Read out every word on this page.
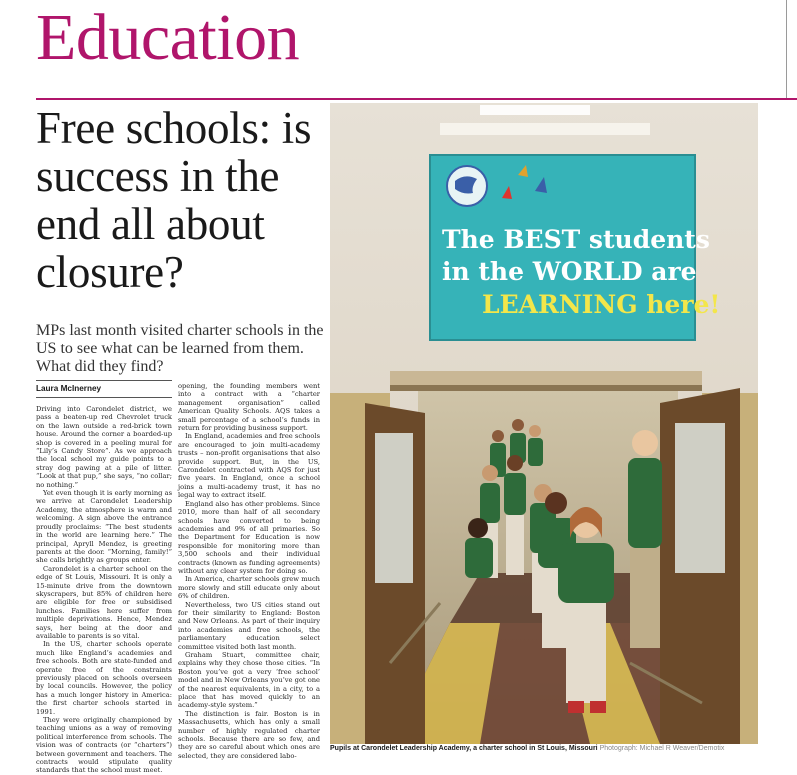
Education
Free schools: is success in the end all about closure?
MPs last month visited charter schools in the US to see what can be learned from them. What did they find?
Laura McInerney

Driving into Carondelet district, we pass a beaten-up red Chevrolet truck on the lawn outside a red-brick town house. Around the corner a boarded-up shop is covered in a peeling mural for “Lily’s Candy Store”. As we approach the local school my guide points to a stray dog pawing at a pile of litter. “Look at that pup,” she says, “no collar; no nothing.”

Yet even though it is early morning as we arrive at Carondelet Leadership Academy, the atmosphere is warm and welcoming. A sign above the entrance proudly proclaims: “The best students in the world are learning here.” The principal, Apryll Mendez, is greeting parents at the door. “Morning, family!” she calls brightly as groups enter.

Carondelet is a charter school on the edge of St Louis, Missouri. It is only a 15-minute drive from the downtown skyscrapers, but 85% of children here are eligible for free or subsidised lunches. Families here suffer from multiple deprivations. Hence, Mendez says, her being at the door and available to parents is so vital.

In the US, charter schools operate much like England’s academies and free schools. Both are state-funded and operate free of the constraints previously placed on schools overseen by local councils. However, the policy has a much longer history in America: the first charter schools started in 1991.

They were originally championed by teaching unions as a way of removing political interference from schools. The vision was of contracts (or “charters”) between government and teachers. The contracts would stipulate quality standards that the school must meet.

opening, the founding members went into a contract with a “charter management organisation” called American Quality Schools. AQS takes a small percentage of a school’s funds in return for providing business support.

In England, academies and free schools are encouraged to join multi-academy trusts – non-profit organisations that also provide support. But, in the US, Carondelet contracted with AQS for just five years. In England, once a school joins a multi-academy trust, it has no legal way to extract itself.

England also has other problems. Since 2010, more than half of all secondary schools have converted to being academies and 9% of all primaries. So the Department for Education is now responsible for monitoring more than 3,500 schools and their individual contracts (known as funding agreements) without any clear system for doing so.

In America, charter schools grew much more slowly and still educate only about 6% of children.

Nevertheless, two US cities stand out for their similarity to England: Boston and New Orleans. As part of their inquiry into academies and free schools, the parliamentary education select committee visited both last month.

Graham Stuart, committee chair, explains why they chose those cities. “In Boston you’ve got a very ‘free school’ model and in New Orleans you’ve got one of the nearest equivalents, in a city, to a place that has moved quickly to an academy-style system.”

The distinction is fair. Boston is in Massachusetts, which has only a small number of highly regulated charter schools. Because there are so few, and they are so careful about which ones are selected, they are considered labo-

The BEST students
in the WORLD are
LEARNING here!
Pupils at Carondelet Leadership Academy, a charter school in St Louis, Missouri Photograph: Michael R Weaver/Demotix
